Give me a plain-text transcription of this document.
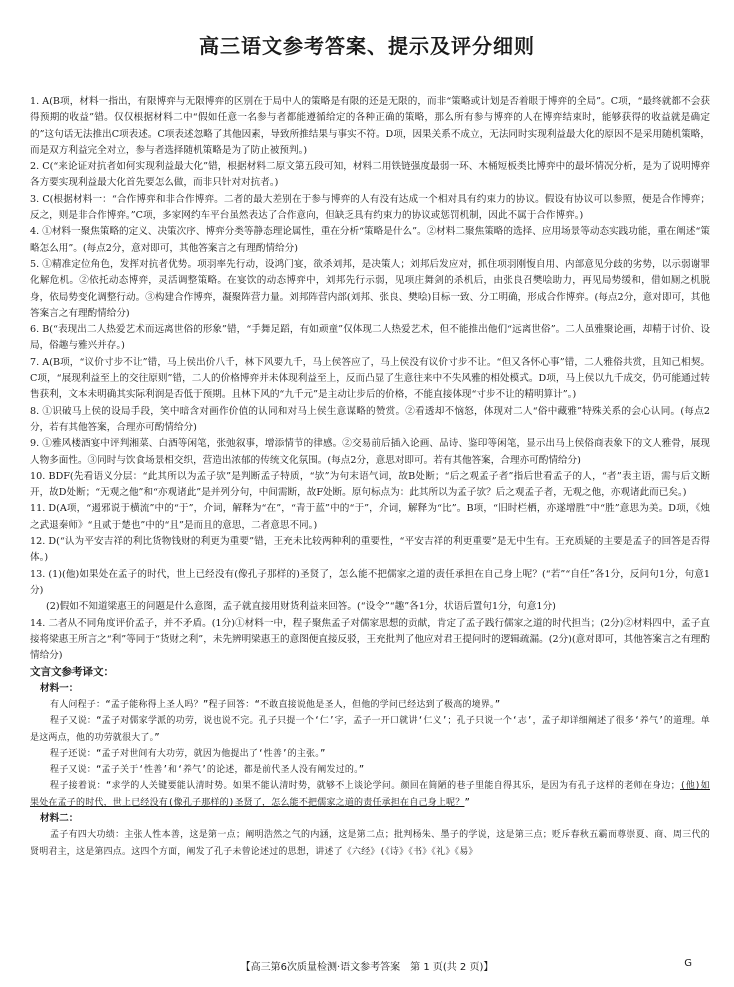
高三语文参考答案、提示及评分细则

1. A(B项，材料一指出，有限博弈与无限博弈的区别在于局中人的策略是有限的还是无限的，而非“策略或计划是否着眼于博弈的全局”。C项，“最终就都不会获得预期的收益”错。仅仅根据材料二中“假如任意一名参与者都能遵循给定的各种正确的策略，那么所有参与博弈的人在博弈结束时，能够获得的收益就是确定的”这句话无法推出C项表述。C项表述忽略了其他因素，导致所推结果与事实不符。D项，因果关系不成立，无法同时实现利益最大化的原因不是采用随机策略，而是双方利益完全对立，参与者选择随机策略是为了防止被预判。)

2. C(“来论证对抗者如何实现利益最大化”错，根据材料二原文第五段可知，材料二用铁链强度最弱一环、木桶短板类比博弈中的最坏情况分析，是为了说明博弈各方要实现利益最大化首先要怎么做，而非只针对对抗者。)

3. C(根据材料一：“合作博弈和非合作博弈。二者的最大差别在于参与博弈的人有没有达成一个相对具有约束力的协议。假设有协议可以参照，便是合作博弈；反之，则是非合作博弈。”C项，多家网约车平台虽然表达了合作意向，但缺乏具有约束力的协议或惩罚机制，因此不属于合作博弈。)

4. ①材料一聚焦策略的定义、决策次序、博弈分类等静态理论属性，重在分析“策略是什么”。②材料二聚焦策略的选择、应用场景等动态实践功能，重在阐述“策略怎么用”。(每点2分，意对即可，其他答案言之有理酌情给分)

5. ①精准定位角色，发挥对抗者优势。项羽率先行动，设鸿门宴，欲杀刘邦，是决策人；刘邦后发应对，抓住项羽刚愎自用、内部意见分歧的劣势，以示弱谢罪化解危机。②依托动态博弈，灵活调整策略。在宴饮的动态博弈中，刘邦先行示弱，见项庄舞剑的杀机后，由张良召樊哙助力，再见局势缓和，借如厕之机脱身，依局势变化调整行动。③构建合作博弈，凝聚阵营力量。刘邦阵营内部(刘邦、张良、樊哙)目标一致、分工明确，形成合作博弈。(每点2分，意对即可，其他答案言之有理酌情给分)

6. B(“表现出二人热爱艺术而远离世俗的形象”错，“手舞足蹈，有如顽童”仅体现二人热爱艺术，但不能推出他们“远离世俗”。二人虽雅聚论画，却精于讨价、设局，俗趣与雅兴并存。)

7. A(B项，“议价寸步不让”错，马上侯出价八千，林下风要九千，马上侯答应了，马上侯没有议价寸步不让。“但又各怀心事”错，二人雅俗共赏，且知己相契。C项，“展现利益至上的交往原则”错，二人的价格博弈并未体现利益至上，反而凸显了生意往来中不失风雅的相处模式。D项，马上侯以九千成交，仍可能通过转售获利，文本未明确其实际利润是否低于预期。且林下风的“九千元”是主动让步后的价格，不能直接体现“寸步不让的精明算计”。)

8. ①识破马上侯的设局手段，笑中暗含对画作价值的认同和对马上侯生意谋略的赞赏。②看透却不恼怒，体现对二人“俗中藏雅”特殊关系的会心认同。(每点2分，若有其他答案，合理亦可酌情给分)

9. ①雅风楼酒宴中评判湘菜、白酒等闲笔，张弛叙事，增添情节的律感。②交易前后插入论画、品诗、鉴印等闲笔，显示出马上侯俗商表象下的文人雅骨，展现人物多面性。③同时与饮食场景相交织，营造出浓郁的传统文化氛围。(每点2分，意思对即可。若有其他答案，合理亦可酌情给分)

10. BDF(先看语义分层：“此其所以为孟子欤”是判断孟子特质，“欤”为句末语气词，故B处断；“后之观孟子者”指后世看孟子的人，“者”表主语，需与后文断开，故D处断；“无观之他”和“亦观诸此”是并列分句，中间需断，故F处断。原句标点为：此其所以为孟子欤？后之观孟子者，无观之他，亦观诸此而已矣。)

11. D(A项，“遏邪说于横流”中的“于”，介词，解释为“在”，“青于蓝”中的“于”，介词，解释为“比”。B项，“旧时栏栖，亦遂增胜”中“胜”意思为美。D项，《烛之武退秦师》“且贰于楚也”中的“且”是而且的意思，二者意思不同。)

12. D(“认为平安吉祥的利比货物钱财的利更为重要”错，王充未比较两种利的重要性，“平安吉祥的利更重要”是无中生有。王充质疑的主要是孟子的回答是否得体。)

13. (1)(他)如果处在孟子的时代，世上已经没有(像孔子那样的)圣贤了，怎么能不把儒家之道的责任承担在自己身上呢？(“若”“自任”各1分，反问句1分，句意1分)

(2)假如不知道梁惠王的问题是什么意图，孟子就直接用财货利益来回答。(“设令”“趣”各1分，状语后置句1分，句意1分)

14. 二者从不同角度评价孟子，并不矛盾。(1分)①材料一中，程子聚焦孟子对儒家思想的贡献，肯定了孟子践行儒家之道的时代担当；(2分)②材料四中，孟子直接将梁惠王所言之“利”等同于“货财之利”，未先辨明梁惠王的意图便直接反驳，王充批判了他应对君王提问时的逻辑疏漏。(2分)(意对即可，其他答案言之有理酌情给分)

文言文参考译文：

材料一：

有人问程子：“孟子能称得上圣人吗？”程子回答：“不敢直接说他是圣人，但他的学问已经达到了极高的境界。”

程子又说：“孟子对儒家学派的功劳，说也说不完。孔子只提一个‘仁’字，孟子一开口就讲‘仁义’；孔子只说一个‘志’，孟子却详细阐述了很多‘养气’的道理。单是这两点，他的功劳就很大了。”

程子还说：“孟子对世间有大功劳，就因为他提出了‘性善’的主张。”

程子又说：“孟子关于‘性善’和‘养气’的论述，都是前代圣人没有阐发过的。”

程子接着说：“求学的人关键要能认清时势。如果不能认清时势，就够不上谈论学问。颜回在简陋的巷子里能自得其乐，是因为有孔子这样的老师在身边；(他)如果处在孟子的时代，世上已经没有(像孔子那样的)圣贤了，怎么能不把儒家之道的责任承担在自己身上呢？”

材料二：

孟子有四大功绩：主张人性本善，这是第一点；阐明浩然之气的内涵，这是第二点；批判杨朱、墨子的学说，这是第三点；贬斥春秋五霸而尊崇夏、商、周三代的贤明君主，这是第四点。这四个方面，阐发了孔子未曾论述过的思想，讲述了《六经》(《诗》《书》《礼》《易》

【高三第6次质量检测·语文参考答案　第 1 页(共 2 页)】	G
